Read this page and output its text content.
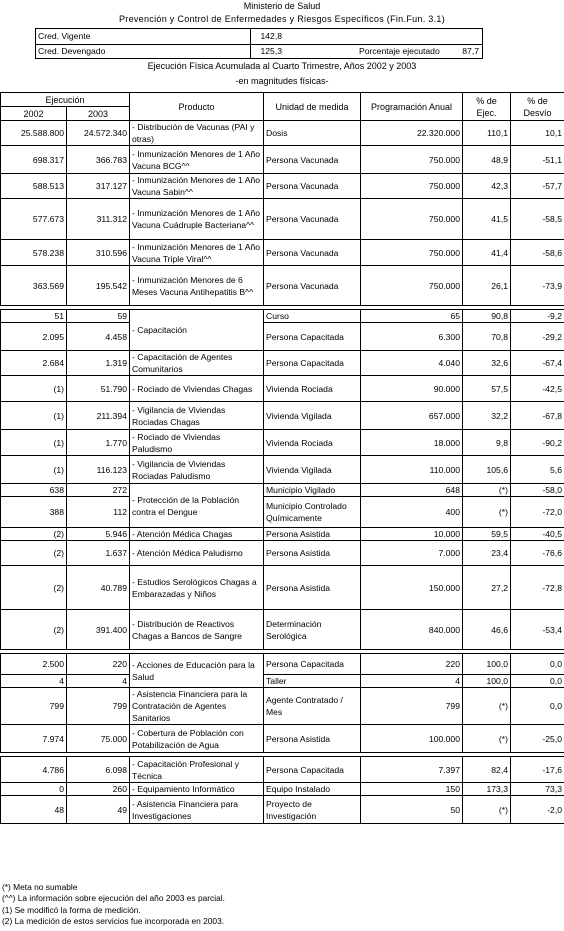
Ministerio de Salud
Prevención y Control de Enfermedades y Riesgos Específicos (Fin.Fun. 3.1)
Cred. Vigente	142,8
Cred. Devengado	125,3	Porcentaje ejecutado	87,7
Ejecución Física Acumulada al Cuarto Trimestre, Años 2002 y 2003
-en magnitudes físicas-
Ejecución		Producto	Unidad de medida	Programación Anual	% de Ejec.	% de Desvío
2002	2003					
25.588.800	24.572.340	- Distribución de Vacunas (PAI y otras)	Dosis	22.320.000	110,1	10,1
698.317	366.783	- Inmunización Menores de 1 Año Vacuna BCG^^	Persona Vacunada	750.000	48,9	-51,1
588.513	317.127	- Inmunización Menores de 1 Año Vacuna Sabin^^	Persona Vacunada	750.000	42,3	-57,7
577.673	311.312	- Inmunización Menores de 1 Año Vacuna Cuádruple Bacteriana^^	Persona Vacunada	750.000	41,5	-58,5
578.238	310.596	- Inmunización Menores de 1 Año Vacuna Triple Viral^^	Persona Vacunada	750.000	41,4	-58,6
363.569	195.542	- Inmunización Menores de 6 Meses Vacuna Antihepatitis B^^	Persona Vacunada	750.000	26,1	-73,9

51	59	- Capacitación	Curso	65	90,8	-9,2
2.095	4.458		Persona Capacitada	6.300	70,8	-29,2
2.684	1.319	- Capacitación de Agentes Comunitarios	Persona Capacitada	4.040	32,6	-67,4
(1)	51.790	- Rociado de Viviendas Chagas	Vivienda Rociada	90.000	57,5	-42,5
(1)	211.394	- Vigilancia de Viviendas Rociadas Chagas	Vivienda Vigilada	657.000	32,2	-67,8
(1)	1.770	- Rociado de Viviendas Paludismo	Vivienda Rociada	18.000	9,8	-90,2
(1)	116.123	- Vigilancia de Viviendas Rociadas Paludismo	Vivienda Vigilada	110.000	105,6	5,6
638	272	- Protección de la Población contra el Dengue	Municipio Vigilado	648	(*)	-58,0
388	112		Municipio Controlado Químicamente	400	(*)	-72,0
(2)	5.946	- Atención Médica Chagas	Persona Asistida	10.000	59,5	-40,5
(2)	1.637	- Atención Médica Paludismo	Persona Asistida	7.000	23,4	-76,6
(2)	40.789	- Estudios Serológicos Chagas a Embarazadas y Niños	Persona Asistida	150.000	27,2	-72,8
(2)	391.400	- Distribución de Reactivos Chagas a Bancos de Sangre	Determinación Serológica	840.000	46,6	-53,4

2.500	220	- Acciones de Educación para la Salud	Persona Capacitada	220	100,0	0,0
4	4		Taller	4	100,0	0,0
799	799	- Asistencia Financiera para la Contratación de Agentes Sanitarios	Agente Contratado / Mes	799	(*)	0,0
7.974	75.000	- Cobertura de Población con Potabilización de Agua	Persona Asistida	100.000	(*)	-25,0

4.786	6.098	- Capacitación Profesional y Técnica	Persona Capacitada	7.397	82,4	-17,6
0	260	- Equipamiento Informático	Equipo Instalado	150	173,3	73,3
48	49	- Asistencia Financiera para Investigaciones	Proyecto de Investigación	50	(*)	-2,0
(*) Meta no sumable
(^^) La información sobre ejecución del año 2003 es parcial.
(1) Se modificó la forma de medición.
(2) La medición de estos servicios fue incorporada en 2003.
